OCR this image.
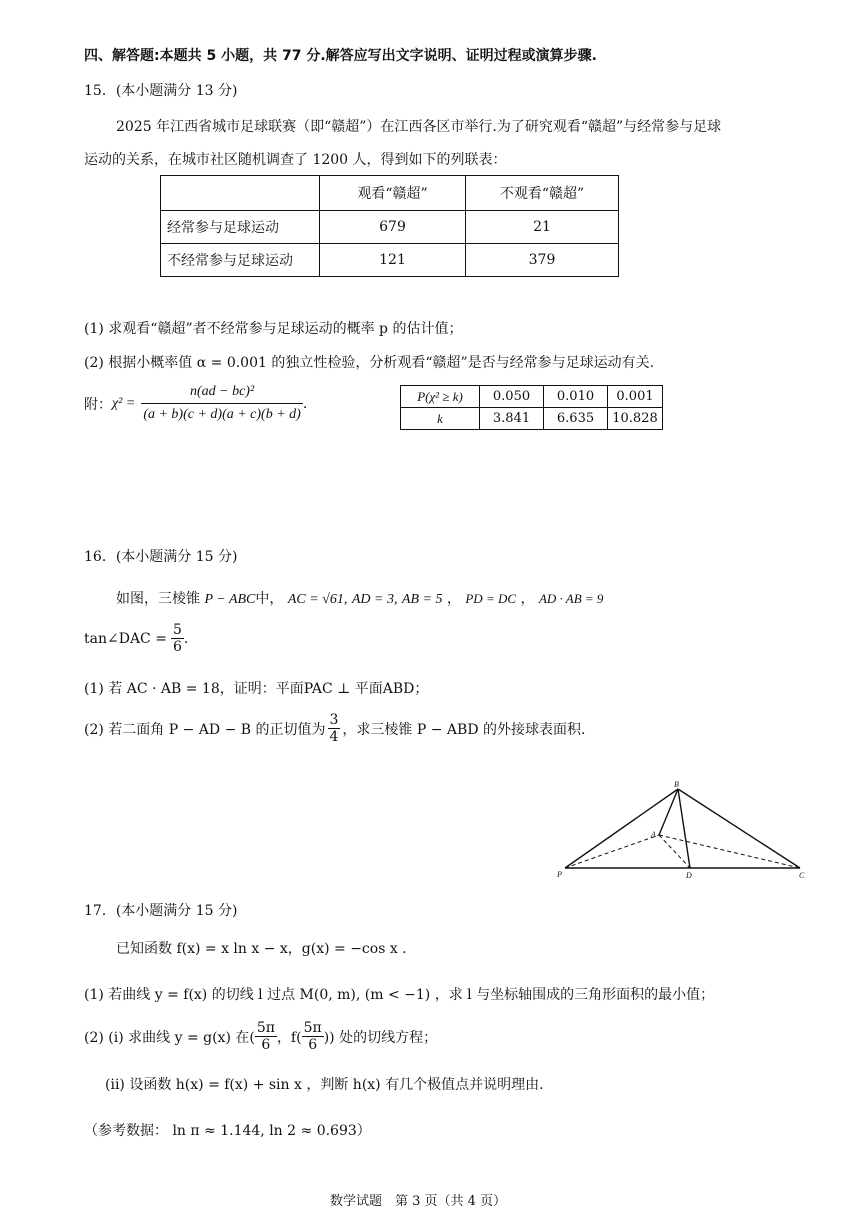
四、解答题:本题共 5 小题，共 77 分.解答应写出文字说明、证明过程或演算步骤.
15．(本小题满分 13 分)
2025 年江西省城市足球联赛（即“赣超”）在江西各区市举行.为了研究观看“赣超”与经常参与足球
运动的关系，在城市社区随机调查了 1200 人，得到如下的列联表：
	观看“赣超”	不观看“赣超”
经常参与足球运动	679	21
不经常参与足球运动	121	379
(1) 求观看“赣超”者不经常参与足球运动的概率 p 的估计值；
(2) 根据小概率值 α = 0.001 的独立性检验，分析观看“赣超”是否与经常参与足球运动有关.
附： $\chi^2 = \frac{\text{n(ad − bc)²}}{(a + b)(c + d)(a + c)(b + d)}$ .	P(χ² ≥ k)	0.050	0.010	0.001
k	3.841	6.635	10.828
16．(本小题满分 15 分)
如图，三棱锥 P − ABC中， AC = √61, AD = 3, AB = 5 ， PD = DC ， AD · AB = 9
tan∠DAC = $\frac{5}{6}$ .
(1) 若 AC · AB = 18，证明：平面PAC ⊥ 平面ABD；
(2) 若二面角 P − AD − B 的正切值为 $\frac{3}{4}$ ，求三棱锥 P − ABD 的外接球表面积.
B
A
P	D	C
17．(本小题满分 15 分)
已知函数 f(x) = x ln x − x，g(x) = −cos x .
(1) 若曲线 y = f(x) 的切线 l 过点 M(0, m), (m < −1) ，求 l 与坐标轴围成的三角形面积的最小值；
(2) (i) 求曲线 y = g(x) 在( $\frac{5\pi}{6}$ ，$f( \frac{5\pi}{6}$ )) 处的切线方程；
(ii) 设函数 h(x) = f(x) + sin x ，判断 h(x) 有几个极值点并说明理由.
（参考数据： ln π ≈ 1.144, ln 2 ≈ 0.693）
数学试题　第 3 页（共 4 页）
